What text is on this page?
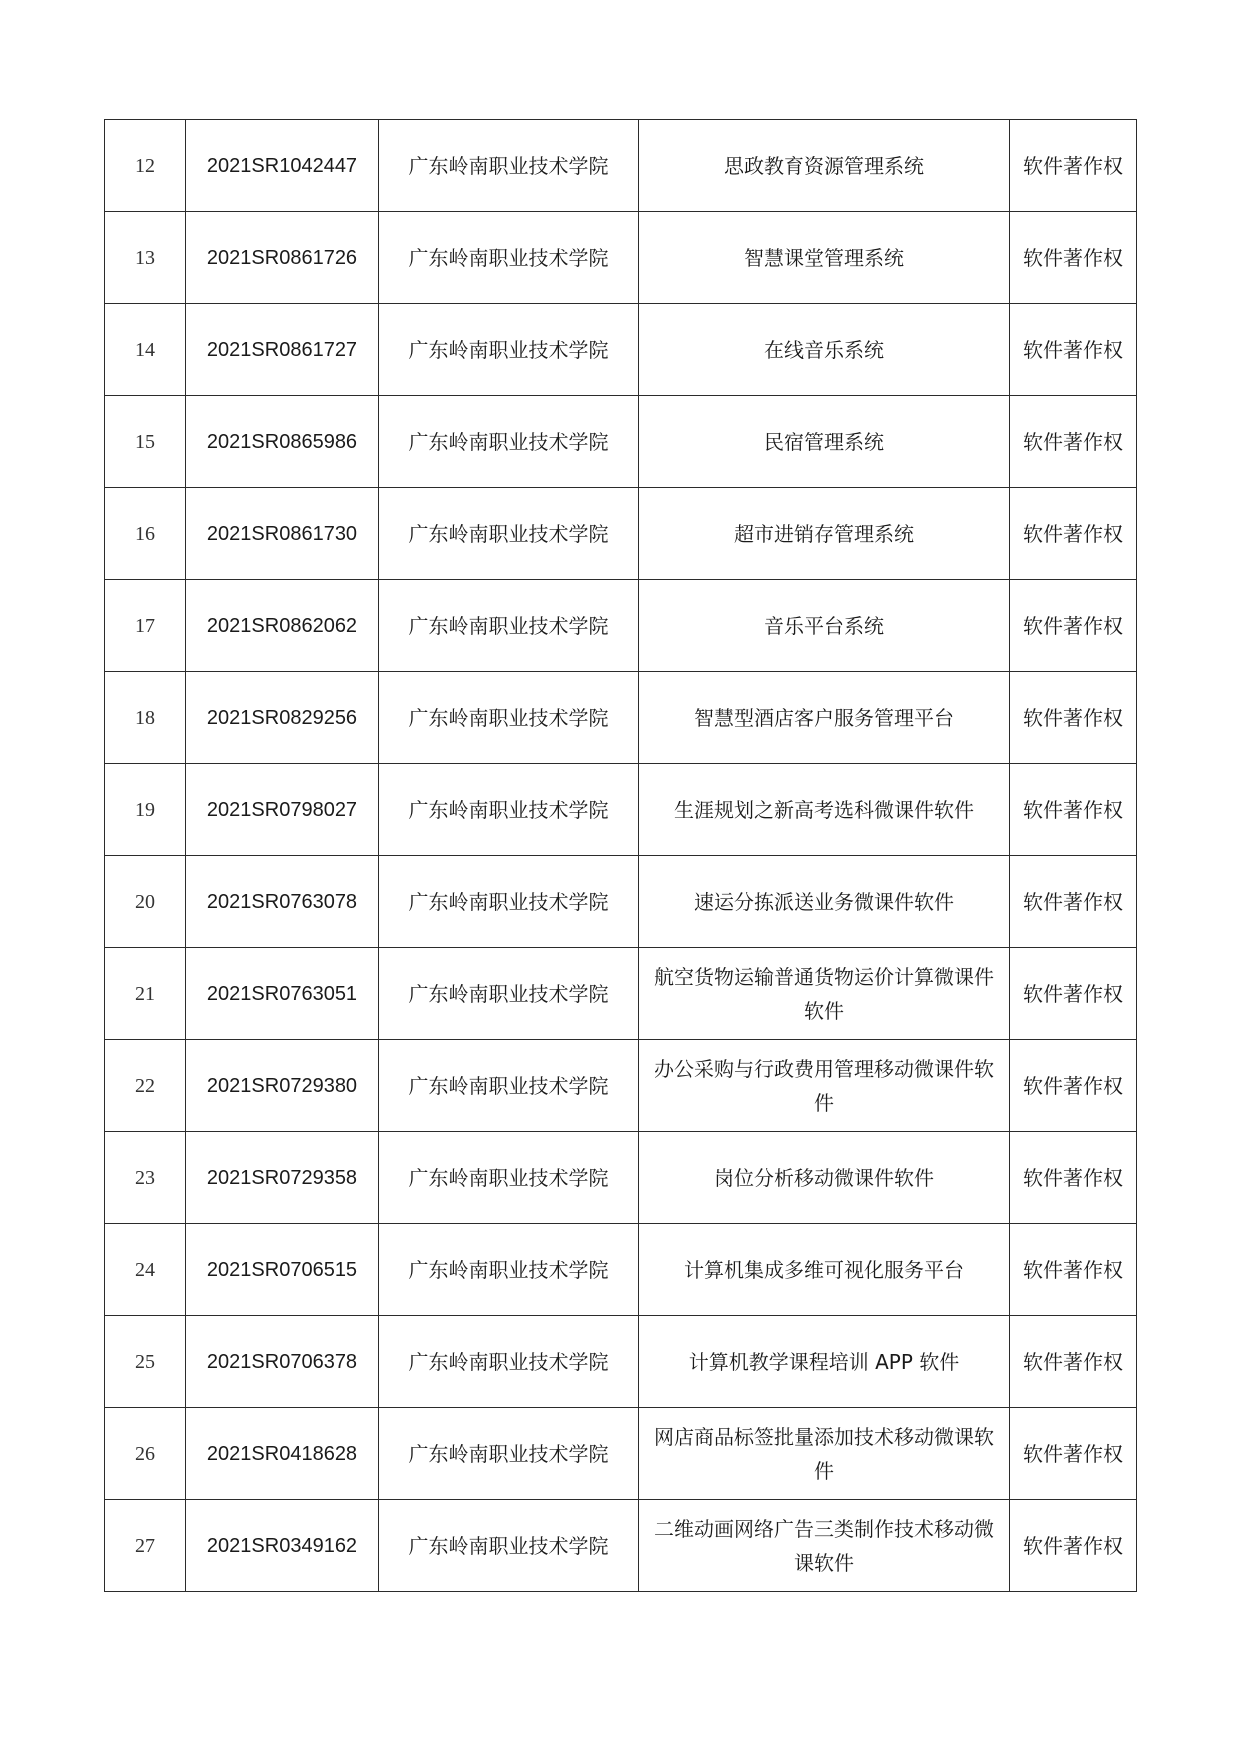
12	2021SR1042447	广东岭南职业技术学院	思政教育资源管理系统	软件著作权
13	2021SR0861726	广东岭南职业技术学院	智慧课堂管理系统	软件著作权
14	2021SR0861727	广东岭南职业技术学院	在线音乐系统	软件著作权
15	2021SR0865986	广东岭南职业技术学院	民宿管理系统	软件著作权
16	2021SR0861730	广东岭南职业技术学院	超市进销存管理系统	软件著作权
17	2021SR0862062	广东岭南职业技术学院	音乐平台系统	软件著作权
18	2021SR0829256	广东岭南职业技术学院	智慧型酒店客户服务管理平台	软件著作权
19	2021SR0798027	广东岭南职业技术学院	生涯规划之新高考选科微课件软件	软件著作权
20	2021SR0763078	广东岭南职业技术学院	速运分拣派送业务微课件软件	软件著作权
21	2021SR0763051	广东岭南职业技术学院	航空货物运输普通货物运价计算微课件软件	软件著作权
22	2021SR0729380	广东岭南职业技术学院	办公采购与行政费用管理移动微课件软件	软件著作权
23	2021SR0729358	广东岭南职业技术学院	岗位分析移动微课件软件	软件著作权
24	2021SR0706515	广东岭南职业技术学院	计算机集成多维可视化服务平台	软件著作权
25	2021SR0706378	广东岭南职业技术学院	计算机教学课程培训 APP 软件	软件著作权
26	2021SR0418628	广东岭南职业技术学院	网店商品标签批量添加技术移动微课软件	软件著作权
27	2021SR0349162	广东岭南职业技术学院	二维动画网络广告三类制作技术移动微课软件	软件著作权
